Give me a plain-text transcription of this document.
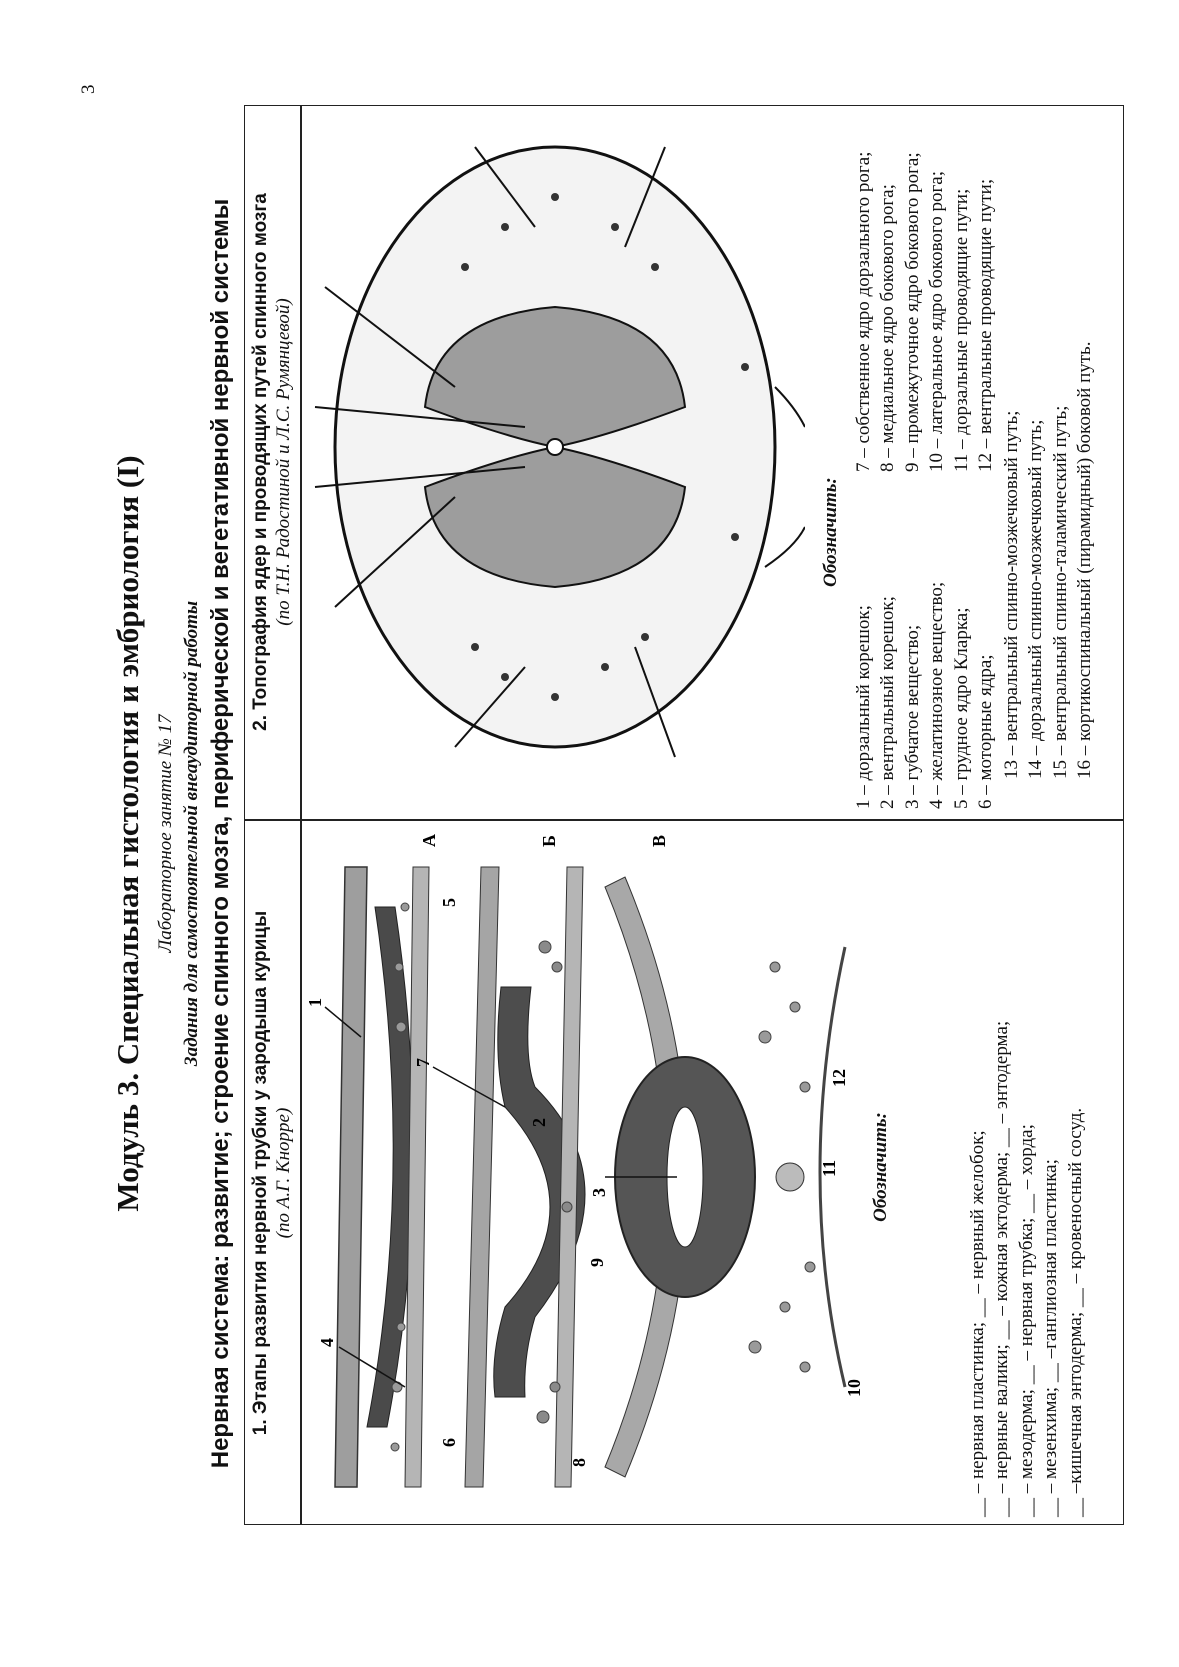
3
Модуль 3. Специальная гистология и эмбриология (I) Лабораторное занятие № 17 Задания для самостоятельной внеаудиторной работы Нервная система: развитие; строение спинного мозга, периферической и вегетативной нервной системы 1. Этапы развития нервной трубки у зародыша курицы (по А.Г. Кнорре)
2. Топография ядер и проводящих путей спинного мозга (по Т.Н. Радостиной и Л.С. Румянцевой)
А	Б	В
1
2
3
4
5
6
7
8
9
10
11
12
Обозначить:	__ – нервная пластинка; __ – нервный желобок; __ – нервные валики; __ – кожная эктодерма; __ – энтодерма; __ – мезодерма; __ – нервная трубка; __ – хорда; __ – мезенхима; __ –ганглиозная пластинка; __ –кишечная энтодерма; __ – кровеносный сосуд.
Обозначить:
1 – дорзальный корешок; 2 – вентральный корешок; 3 – губчатое вещество; 4 – желатинозное вещество; 5 – грудное ядро Кларка; 6 – моторные ядра;
7 – собственное ядро дорзального рога; 8 – медиальное ядро бокового рога; 9 – промежуточное ядро бокового рога; 10 – латеральное ядро бокового рога; 11 – дорзальные проводящие пути; 12 – вентральные проводящие пути;
13 – вентральный спинно-мозжечковый путь; 14 – дорзальный спинно-мозжечковый путь; 15 – вентральный спинно-таламический путь; 16 – кортикоспинальный (пирамидный) боковой путь.
